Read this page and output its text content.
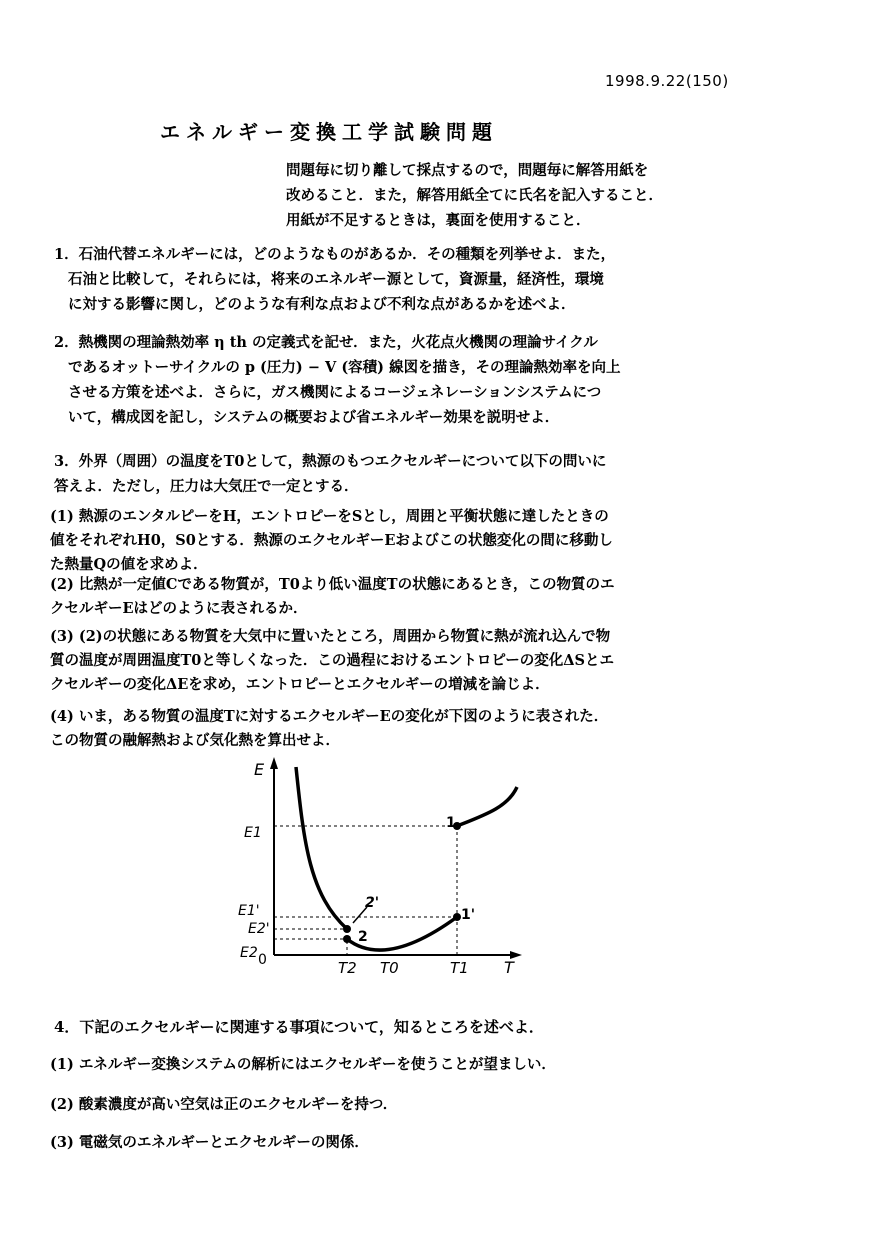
1998.9.22(150)
エネルギー変換工学試験問題
問題毎に切り離して採点するので，問題毎に解答用紙を
改めること．また，解答用紙全てに氏名を記入すること．
用紙が不足するときは，裏面を使用すること．
1．石油代替エネルギーには，どのようなものがあるか．その種類を列挙せよ．また，
石油と比較して，それらには，将来のエネルギー源として，資源量，経済性，環境
に対する影響に関し，どのような有利な点および不利な点があるかを述べよ．
2．熱機関の理論熱効率 η th の定義式を記せ．また，火花点火機関の理論サイクル
であるオットーサイクルの p (圧力) − V (容積) 線図を描き，その理論熱効率を向上
させる方策を述べよ．さらに，ガス機関によるコージェネレーションシステムにつ
いて，構成図を記し，システムの概要および省エネルギー効果を説明せよ．
3．外界（周囲）の温度をT0として，熱源のもつエクセルギーについて以下の問いに
答えよ．ただし，圧力は大気圧で一定とする．
(1) 熱源のエンタルピーをH，エントロピーをSとし，周囲と平衡状態に達したときの
値をそれぞれH0，S0とする．熱源のエクセルギーEおよびこの状態変化の間に移動し
た熱量Qの値を求めよ．
(2) 比熱が一定値Cである物質が，T0より低い温度Tの状態にあるとき，この物質のエ
クセルギーEはどのように表されるか．
(3) (2)の状態にある物質を大気中に置いたところ，周囲から物質に熱が流れ込んで物
質の温度が周囲温度T0と等しくなった．この過程におけるエントロピーの変化ΔSとエ
クセルギーの変化ΔEを求め，エントロピーとエクセルギーの増減を論じよ．
(4) いま，ある物質の温度Tに対するエクセルギーEの変化が下図のように表された．
この物質の融解熱および気化熱を算出せよ．
E
T
E1
E1'
E2'
E2 0	T2 T0	T1
1
1'
2
2'
4．下記のエクセルギーに関連する事項について，知るところを述べよ．
(1) エネルギー変換システムの解析にはエクセルギーを使うことが望ましい．
(2) 酸素濃度が高い空気は正のエクセルギーを持つ．
(3) 電磁気のエネルギーとエクセルギーの関係．
